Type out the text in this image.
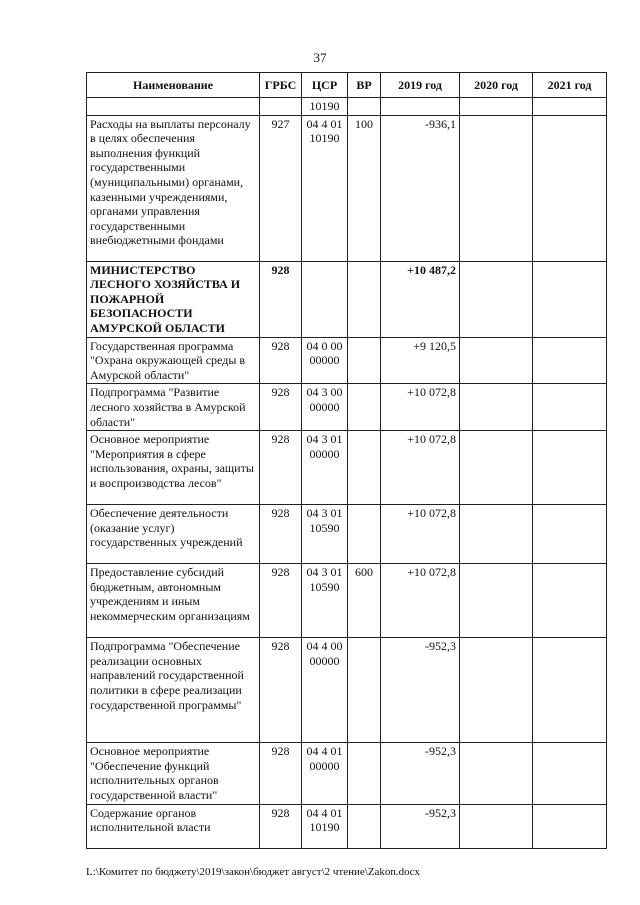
37
Наименование	ГРБС	ЦСР	ВР	2019 год	2020 год	2021 год
		10190				
Расходы на выплаты персоналу в целях обеспечения выполнения функций государственными (муниципальными) органами, казенными учреждениями, органами управления государственными внебюджетными фондами	927	04 4 01 10190	100	-936,1		
МИНИСТЕРСТВО ЛЕСНОГО ХОЗЯЙСТВА И ПОЖАРНОЙ БЕЗОПАСНОСТИ АМУРСКОЙ ОБЛАСТИ	928			+10 487,2		
Государственная программа "Охрана окружающей среды в Амурской области"	928	04 0 00 00000		+9 120,5		
Подпрограмма "Развитие лесного хозяйства в Амурской области"	928	04 3 00 00000		+10 072,8		
Основное мероприятие "Мероприятия в сфере использования, охраны, защиты и воспроизводства лесов"	928	04 3 01 00000		+10 072,8		
Обеспечение деятельности (оказание услуг) государственных учреждений	928	04 3 01 10590		+10 072,8		
Предоставление субсидий бюджетным, автономным учреждениям и иным некоммерческим организациям	928	04 3 01 10590	600	+10 072,8		
Подпрограмма "Обеспечение реализации основных направлений государственной политики в сфере реализации государственной программы"	928	04 4 00 00000		-952,3		
Основное мероприятие "Обеспечение функций исполнительных органов государственной власти"	928	04 4 01 00000		-952,3		
Содержание органов исполнительной власти	928	04 4 01 10190		-952,3		
L:\Комитет по бюджету\2019\закон\бюджет август\2 чтение\Zakon.docx
